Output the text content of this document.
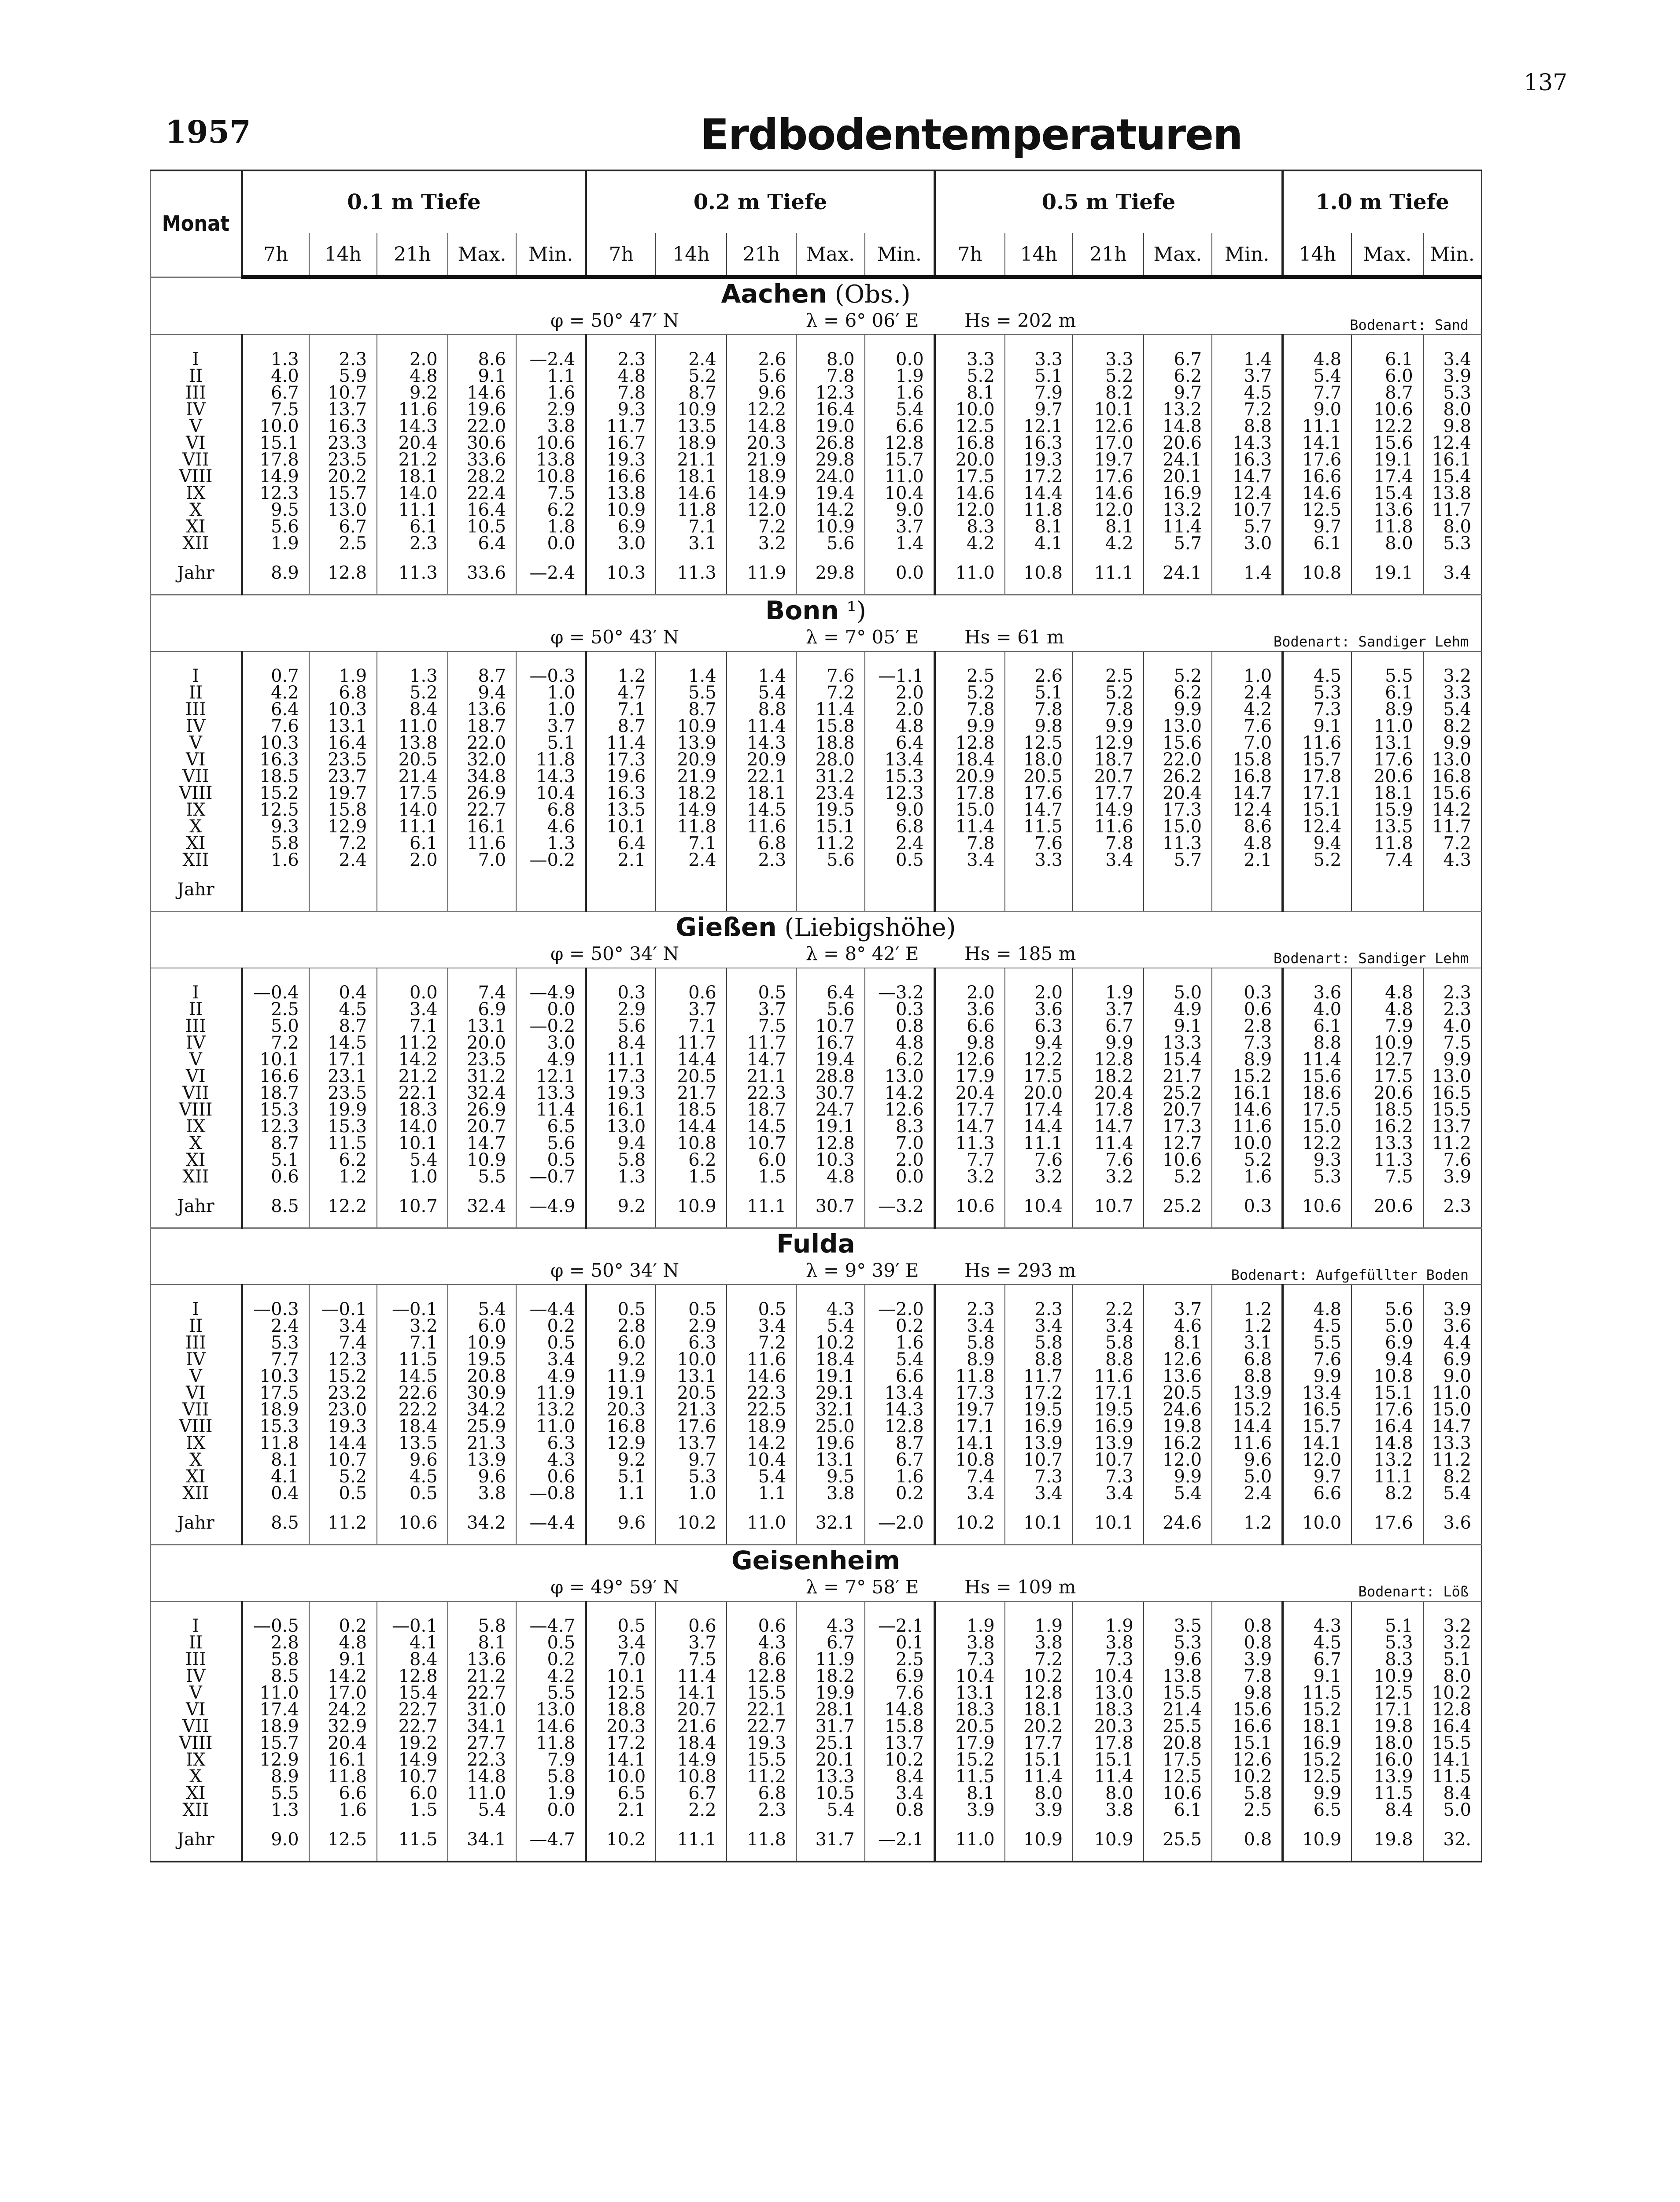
137
1957	Erdbodentemperaturen
Monat	0.1 m Tiefe					0.2 m Tiefe					0.5 m Tiefe					1.0 m Tiefe		
	7h	14h	21h	Max.	Min.	7h	14h	21h	Max.	Min.	7h	14h	21h	Max.	Min.	14h	Max.	Min.
Aachen (Obs.)																		

φ = 50° 47′ N λ = 6° 06′ E Hs = 202 m Bodenart: Sand																		

I	1.3	2.3	2.0	8.6	—2.4	2.3	2.4	2.6	8.0	0.0	3.3	3.3	3.3	6.7	1.4	4.8	6.1	3.4
II	4.0	5.9	4.8	9.1	1.1	4.8	5.2	5.6	7.8	1.9	5.2	5.1	5.2	6.2	3.7	5.4	6.0	3.9
III	6.7	10.7	9.2	14.6	1.6	7.8	8.7	9.6	12.3	1.6	8.1	7.9	8.2	9.7	4.5	7.7	8.7	5.3
IV	7.5	13.7	11.6	19.6	2.9	9.3	10.9	12.2	16.4	5.4	10.0	9.7	10.1	13.2	7.2	9.0	10.6	8.0
V	10.0	16.3	14.3	22.0	3.8	11.7	13.5	14.8	19.0	6.6	12.5	12.1	12.6	14.8	8.8	11.1	12.2	9.8
VI	15.1	23.3	20.4	30.6	10.6	16.7	18.9	20.3	26.8	12.8	16.8	16.3	17.0	20.6	14.3	14.1	15.6	12.4
VII	17.8	23.5	21.2	33.6	13.8	19.3	21.1	21.9	29.8	15.7	20.0	19.3	19.7	24.1	16.3	17.6	19.1	16.1
VIII	14.9	20.2	18.1	28.2	10.8	16.6	18.1	18.9	24.0	11.0	17.5	17.2	17.6	20.1	14.7	16.6	17.4	15.4
IX	12.3	15.7	14.0	22.4	7.5	13.8	14.6	14.9	19.4	10.4	14.6	14.4	14.6	16.9	12.4	14.6	15.4	13.8
X	9.5	13.0	11.1	16.4	6.2	10.9	11.8	12.0	14.2	9.0	12.0	11.8	12.0	13.2	10.7	12.5	13.6	11.7
XI	5.6	6.7	6.1	10.5	1.8	6.9	7.1	7.2	10.9	3.7	8.3	8.1	8.1	11.4	5.7	9.7	11.8	8.0
XII	1.9	2.5	2.3	6.4	0.0	3.0	3.1	3.2	5.6	1.4	4.2	4.1	4.2	5.7	3.0	6.1	8.0	5.3
Jahr	8.9	12.8	11.3	33.6	—2.4	10.3	11.3	11.9	29.8	0.0	11.0	10.8	11.1	24.1	1.4	10.8	19.1	3.4
Bonn ¹)																		

φ = 50° 43′ N λ = 7° 05′ E Hs = 61 m Bodenart: Sandiger Lehm																		

I	0.7	1.9	1.3	8.7	—0.3	1.2	1.4	1.4	7.6	—1.1	2.5	2.6	2.5	5.2	1.0	4.5	5.5	3.2
II	4.2	6.8	5.2	9.4	1.0	4.7	5.5	5.4	7.2	2.0	5.2	5.1	5.2	6.2	2.4	5.3	6.1	3.3
III	6.4	10.3	8.4	13.6	1.0	7.1	8.7	8.8	11.4	2.0	7.8	7.8	7.8	9.9	4.2	7.3	8.9	5.4
IV	7.6	13.1	11.0	18.7	3.7	8.7	10.9	11.4	15.8	4.8	9.9	9.8	9.9	13.0	7.6	9.1	11.0	8.2
V	10.3	16.4	13.8	22.0	5.1	11.4	13.9	14.3	18.8	6.4	12.8	12.5	12.9	15.6	7.0	11.6	13.1	9.9
VI	16.3	23.5	20.5	32.0	11.8	17.3	20.9	20.9	28.0	13.4	18.4	18.0	18.7	22.0	15.8	15.7	17.6	13.0
VII	18.5	23.7	21.4	34.8	14.3	19.6	21.9	22.1	31.2	15.3	20.9	20.5	20.7	26.2	16.8	17.8	20.6	16.8
VIII	15.2	19.7	17.5	26.9	10.4	16.3	18.2	18.1	23.4	12.3	17.8	17.6	17.7	20.4	14.7	17.1	18.1	15.6
IX	12.5	15.8	14.0	22.7	6.8	13.5	14.9	14.5	19.5	9.0	15.0	14.7	14.9	17.3	12.4	15.1	15.9	14.2
X	9.3	12.9	11.1	16.1	4.6	10.1	11.8	11.6	15.1	6.8	11.4	11.5	11.6	15.0	8.6	12.4	13.5	11.7
XI	5.8	7.2	6.1	11.6	1.3	6.4	7.1	6.8	11.2	2.4	7.8	7.6	7.8	11.3	4.8	9.4	11.8	7.2
XII	1.6	2.4	2.0	7.0	—0.2	2.1	2.4	2.3	5.6	0.5	3.4	3.3	3.4	5.7	2.1	5.2	7.4	4.3
Jahr																		
Gießen (Liebigshöhe)																		

φ = 50° 34′ N λ = 8° 42′ E Hs = 185 m Bodenart: Sandiger Lehm																		

I	—0.4	0.4	0.0	7.4	—4.9	0.3	0.6	0.5	6.4	—3.2	2.0	2.0	1.9	5.0	0.3	3.6	4.8	2.3
II	2.5	4.5	3.4	6.9	0.0	2.9	3.7	3.7	5.6	0.3	3.6	3.6	3.7	4.9	0.6	4.0	4.8	2.3
III	5.0	8.7	7.1	13.1	—0.2	5.6	7.1	7.5	10.7	0.8	6.6	6.3	6.7	9.1	2.8	6.1	7.9	4.0
IV	7.2	14.5	11.2	20.0	3.0	8.4	11.7	11.7	16.7	4.8	9.8	9.4	9.9	13.3	7.3	8.8	10.9	7.5
V	10.1	17.1	14.2	23.5	4.9	11.1	14.4	14.7	19.4	6.2	12.6	12.2	12.8	15.4	8.9	11.4	12.7	9.9
VI	16.6	23.1	21.2	31.2	12.1	17.3	20.5	21.1	28.8	13.0	17.9	17.5	18.2	21.7	15.2	15.6	17.5	13.0
VII	18.7	23.5	22.1	32.4	13.3	19.3	21.7	22.3	30.7	14.2	20.4	20.0	20.4	25.2	16.1	18.6	20.6	16.5
VIII	15.3	19.9	18.3	26.9	11.4	16.1	18.5	18.7	24.7	12.6	17.7	17.4	17.8	20.7	14.6	17.5	18.5	15.5
IX	12.3	15.3	14.0	20.7	6.5	13.0	14.4	14.5	19.1	8.3	14.7	14.4	14.7	17.3	11.6	15.0	16.2	13.7
X	8.7	11.5	10.1	14.7	5.6	9.4	10.8	10.7	12.8	7.0	11.3	11.1	11.4	12.7	10.0	12.2	13.3	11.2
XI	5.1	6.2	5.4	10.9	0.5	5.8	6.2	6.0	10.3	2.0	7.7	7.6	7.6	10.6	5.2	9.3	11.3	7.6
XII	0.6	1.2	1.0	5.5	—0.7	1.3	1.5	1.5	4.8	0.0	3.2	3.2	3.2	5.2	1.6	5.3	7.5	3.9
Jahr	8.5	12.2	10.7	32.4	—4.9	9.2	10.9	11.1	30.7	—3.2	10.6	10.4	10.7	25.2	0.3	10.6	20.6	2.3
Fulda																		

φ = 50° 34′ N λ = 9° 39′ E Hs = 293 m Bodenart: Aufgefüllter Boden																		

I	—0.3	—0.1	—0.1	5.4	—4.4	0.5	0.5	0.5	4.3	—2.0	2.3	2.3	2.2	3.7	1.2	4.8	5.6	3.9
II	2.4	3.4	3.2	6.0	0.2	2.8	2.9	3.4	5.4	0.2	3.4	3.4	3.4	4.6	1.2	4.5	5.0	3.6
III	5.3	7.4	7.1	10.9	0.5	6.0	6.3	7.2	10.2	1.6	5.8	5.8	5.8	8.1	3.1	5.5	6.9	4.4
IV	7.7	12.3	11.5	19.5	3.4	9.2	10.0	11.6	18.4	5.4	8.9	8.8	8.8	12.6	6.8	7.6	9.4	6.9
V	10.3	15.2	14.5	20.8	4.9	11.9	13.1	14.6	19.1	6.6	11.8	11.7	11.6	13.6	8.8	9.9	10.8	9.0
VI	17.5	23.2	22.6	30.9	11.9	19.1	20.5	22.3	29.1	13.4	17.3	17.2	17.1	20.5	13.9	13.4	15.1	11.0
VII	18.9	23.0	22.2	34.2	13.2	20.3	21.3	22.5	32.1	14.3	19.7	19.5	19.5	24.6	15.2	16.5	17.6	15.0
VIII	15.3	19.3	18.4	25.9	11.0	16.8	17.6	18.9	25.0	12.8	17.1	16.9	16.9	19.8	14.4	15.7	16.4	14.7
IX	11.8	14.4	13.5	21.3	6.3	12.9	13.7	14.2	19.6	8.7	14.1	13.9	13.9	16.2	11.6	14.1	14.8	13.3
X	8.1	10.7	9.6	13.9	4.3	9.2	9.7	10.4	13.1	6.7	10.8	10.7	10.7	12.0	9.6	12.0	13.2	11.2
XI	4.1	5.2	4.5	9.6	0.6	5.1	5.3	5.4	9.5	1.6	7.4	7.3	7.3	9.9	5.0	9.7	11.1	8.2
XII	0.4	0.5	0.5	3.8	—0.8	1.1	1.0	1.1	3.8	0.2	3.4	3.4	3.4	5.4	2.4	6.6	8.2	5.4
Jahr	8.5	11.2	10.6	34.2	—4.4	9.6	10.2	11.0	32.1	—2.0	10.2	10.1	10.1	24.6	1.2	10.0	17.6	3.6
Geisenheim																		

φ = 49° 59′ N λ = 7° 58′ E Hs = 109 m Bodenart: Löß																		

I	—0.5	0.2	—0.1	5.8	—4.7	0.5	0.6	0.6	4.3	—2.1	1.9	1.9	1.9	3.5	0.8	4.3	5.1	3.2
II	2.8	4.8	4.1	8.1	0.5	3.4	3.7	4.3	6.7	0.1	3.8	3.8	3.8	5.3	0.8	4.5	5.3	3.2
III	5.8	9.1	8.4	13.6	0.2	7.0	7.5	8.6	11.9	2.5	7.3	7.2	7.3	9.6	3.9	6.7	8.3	5.1
IV	8.5	14.2	12.8	21.2	4.2	10.1	11.4	12.8	18.2	6.9	10.4	10.2	10.4	13.8	7.8	9.1	10.9	8.0
V	11.0	17.0	15.4	22.7	5.5	12.5	14.1	15.5	19.9	7.6	13.1	12.8	13.0	15.5	9.8	11.5	12.5	10.2
VI	17.4	24.2	22.7	31.0	13.0	18.8	20.7	22.1	28.1	14.8	18.3	18.1	18.3	21.4	15.6	15.2	17.1	12.8
VII	18.9	32.9	22.7	34.1	14.6	20.3	21.6	22.7	31.7	15.8	20.5	20.2	20.3	25.5	16.6	18.1	19.8	16.4
VIII	15.7	20.4	19.2	27.7	11.8	17.2	18.4	19.3	25.1	13.7	17.9	17.7	17.8	20.8	15.1	16.9	18.0	15.5
IX	12.9	16.1	14.9	22.3	7.9	14.1	14.9	15.5	20.1	10.2	15.2	15.1	15.1	17.5	12.6	15.2	16.0	14.1
X	8.9	11.8	10.7	14.8	5.8	10.0	10.8	11.2	13.3	8.4	11.5	11.4	11.4	12.5	10.2	12.5	13.9	11.5
XI	5.5	6.6	6.0	11.0	1.9	6.5	6.7	6.8	10.5	3.4	8.1	8.0	8.0	10.6	5.8	9.9	11.5	8.4
XII	1.3	1.6	1.5	5.4	0.0	2.1	2.2	2.3	5.4	0.8	3.9	3.9	3.8	6.1	2.5	6.5	8.4	5.0
Jahr	9.0	12.5	11.5	34.1	—4.7	10.2	11.1	11.8	31.7	—2.1	11.0	10.9	10.9	25.5	0.8	10.9	19.8	32.
